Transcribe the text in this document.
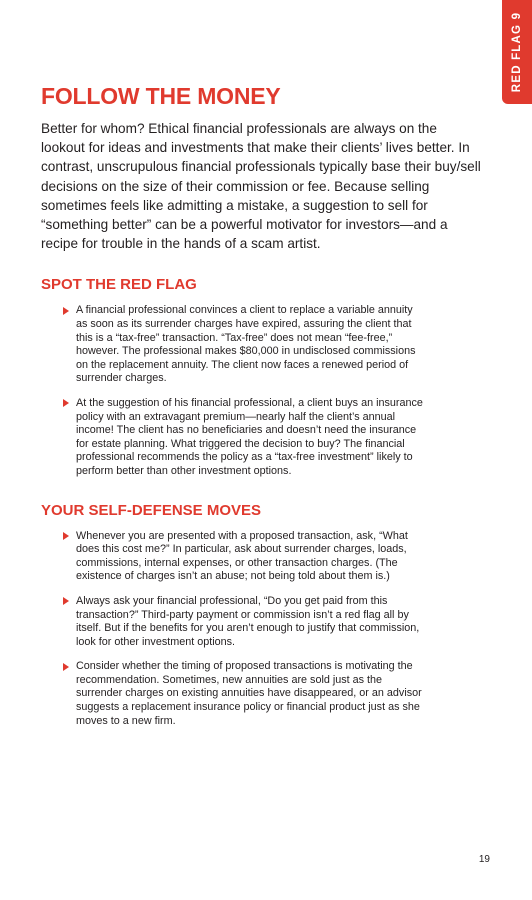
RED FLAG 9
FOLLOW THE MONEY

Better for whom? Ethical financial professionals are always on the lookout for ideas and investments that make their clients’ lives better. In contrast, unscrupulous financial professionals typically base their buy/sell decisions on the size of their commission or fee. Because selling sometimes feels like admitting a mistake, a suggestion to sell for “something better” can be a powerful motivator for investors—and a recipe for trouble in the hands of a scam artist.

SPOT THE RED FLAG
A financial professional convinces a client to replace a variable annuity as soon as its surrender charges have expired, assuring the client that this is a “tax-free” transaction. “Tax-free” does not mean “fee-free,” however. The professional makes $80,000 in undisclosed commissions on the replacement annuity. The client now faces a renewed period of surrender charges.
At the suggestion of his financial professional, a client buys an insurance policy with an extravagant premium—nearly half the client’s annual income! The client has no beneficiaries and doesn’t need the insurance for estate planning. What triggered the decision to buy? The financial professional recommends the policy as a “tax-free investment” likely to perform better than other investment options.
YOUR SELF-DEFENSE MOVES
Whenever you are presented with a proposed transaction, ask, “What does this cost me?” In particular, ask about surrender charges, loads, commissions, internal expenses, or other transaction charges. (The existence of charges isn’t an abuse; not being told about them is.)
Always ask your financial professional, “Do you get paid from this transaction?” Third-party payment or commission isn’t a red flag all by itself. But if the benefits for you aren’t enough to justify that commission, look for other investment options.
Consider whether the timing of proposed transactions is motivating the recommendation. Sometimes, new annuities are sold just as the surrender charges on existing annuities have disappeared, or an advisor suggests a replacement insurance policy or financial product just as she moves to a new firm.
19
